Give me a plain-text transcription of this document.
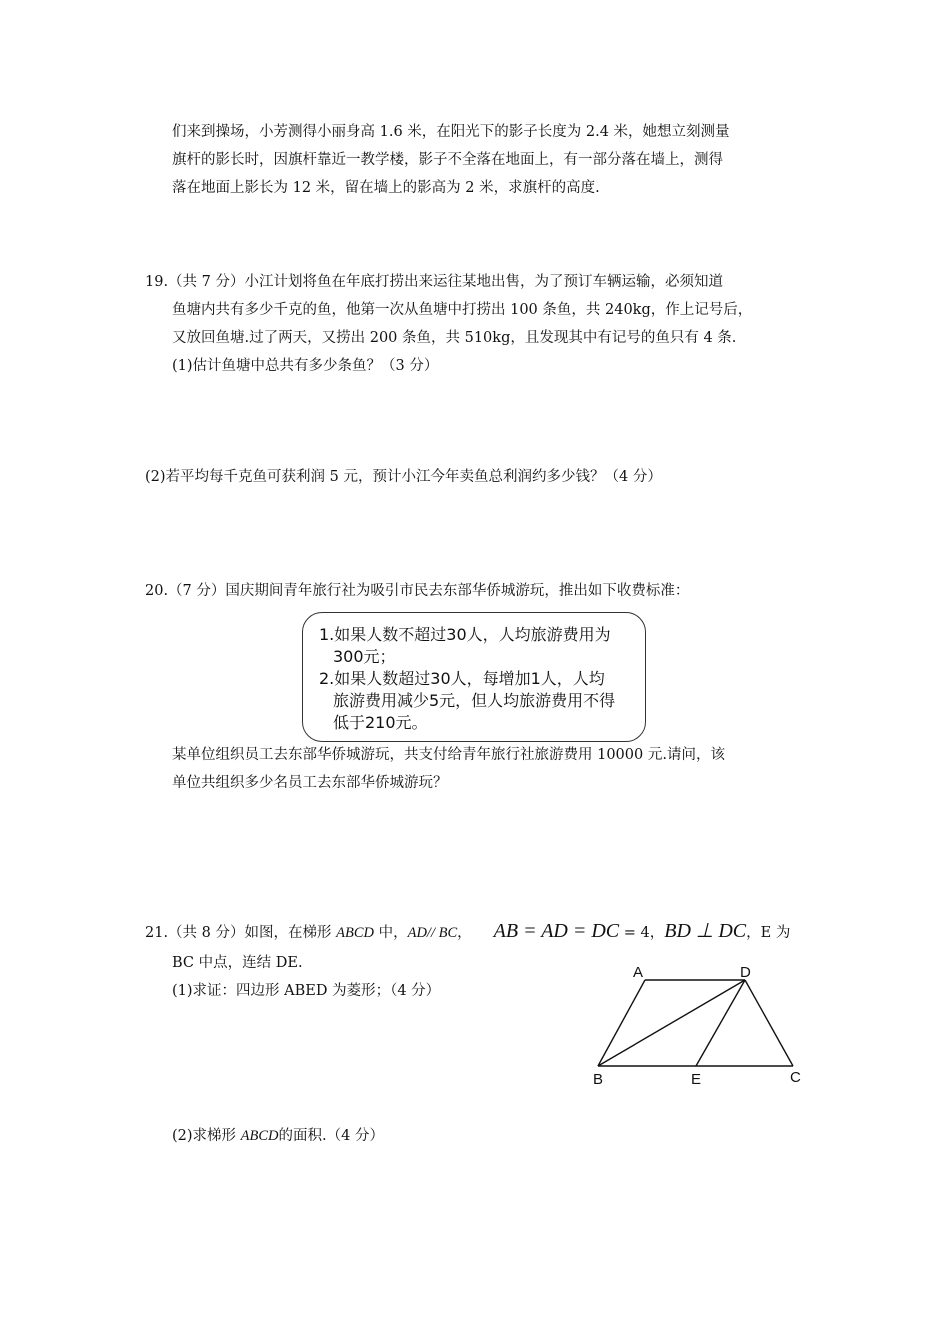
们来到操场，小芳测得小丽身高 1.6 米，在阳光下的影子长度为 2.4 米，她想立刻测量
旗杆的影长时，因旗杆靠近一教学楼，影子不全落在地面上，有一部分落在墙上，测得
落在地面上影长为 12 米，留在墙上的影高为 2 米，求旗杆的高度.
19.（共 7 分）小江计划将鱼在年底打捞出来运往某地出售，为了预订车辆运输，必须知道
鱼塘内共有多少千克的鱼，他第一次从鱼塘中打捞出 100 条鱼，共 240kg，作上记号后，
又放回鱼塘.过了两天，又捞出 200 条鱼，共 510kg，且发现其中有记号的鱼只有 4 条.
(1)估计鱼塘中总共有多少条鱼？（3 分）
(2)若平均每千克鱼可获利润 5 元，预计小江今年卖鱼总利润约多少钱？（4 分）
20.（7 分）国庆期间青年旅行社为吸引市民去东部华侨城游玩，推出如下收费标准：
1.如果人数不超过30人，人均旅游费用为
300元；
2.如果人数超过30人，每增加1人，人均
旅游费用减少5元，但人均旅游费用不得
低于210元。
某单位组织员工去东部华侨城游玩，共支付给青年旅行社旅游费用 10000 元.请问，该
单位共组织多少名员工去东部华侨城游玩？
21.（共 8 分）如图，在梯形 ABCD 中，AD// BC， AB = AD = DC = 4，BD ⊥ DC，E 为
BC 中点，连结 DE.
(1)求证：四边形 ABED 为菱形；（4 分）
(2)求梯形 ABCD的面积.（4 分）
A	D
B	E	C
